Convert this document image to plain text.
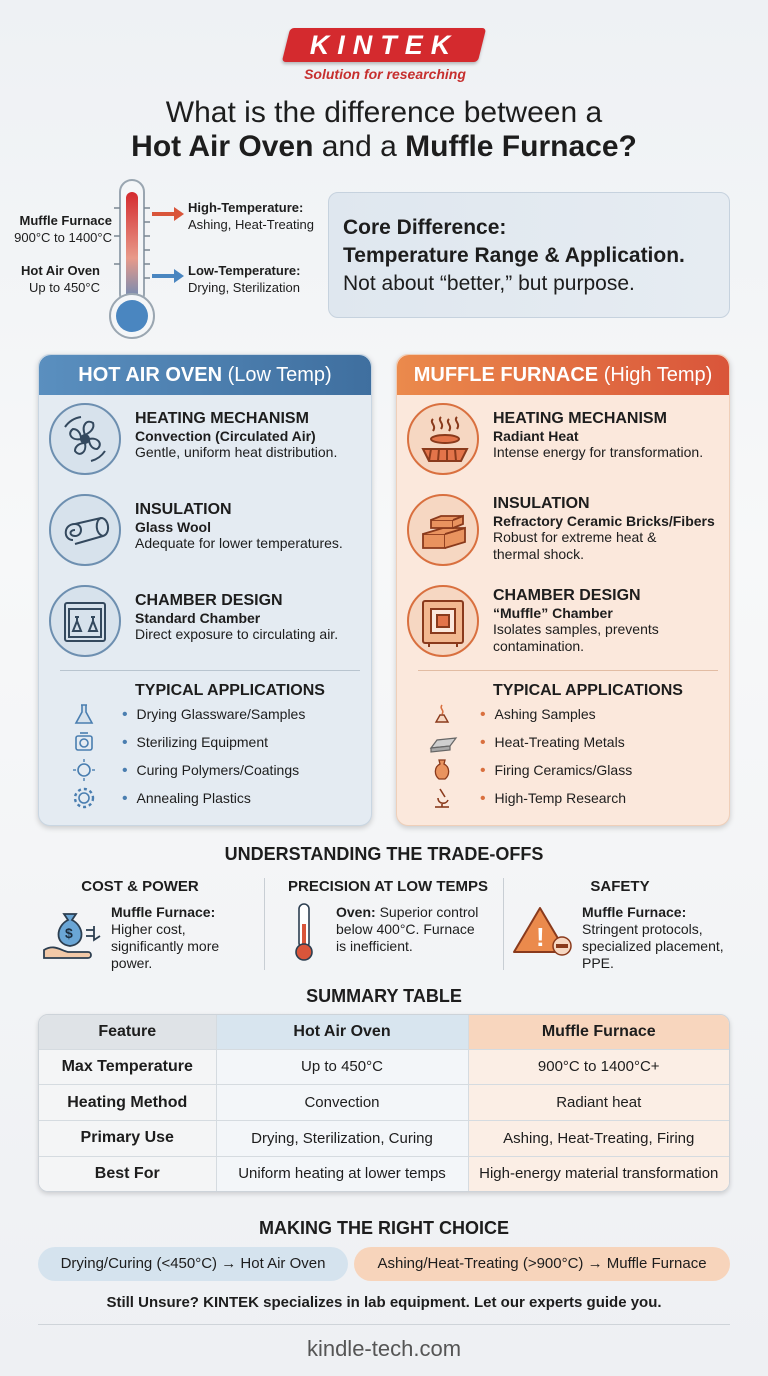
KINTEK
Solution for researching
What is the difference between a
Hot Air Oven and a Muffle Furnace?
Muffle Furnace
900°C to 1400°C
Hot Air Oven
Up to 450°C
High-Temperature:
Ashing, Heat-Treating
Low-Temperature:
Drying, Sterilization
Core Difference:
Temperature Range & Application.
Not about “better,” but purpose.
HOT AIR OVEN (Low Temp)
HEATING MECHANISM
Convection (Circulated Air)
Gentle, uniform heat distribution.
INSULATION
Glass Wool
Adequate for lower temperatures.
CHAMBER DESIGN
Standard Chamber
Direct exposure to circulating air.
TYPICAL APPLICATIONS
• Drying Glassware/Samples
• Sterilizing Equipment
• Curing Polymers/Coatings
• Annealing Plastics
MUFFLE FURNACE (High Temp)
HEATING MECHANISM
Radiant Heat
Intense energy for transformation.
INSULATION
Refractory Ceramic Bricks/Fibers
Robust for extreme heat &
thermal shock.
CHAMBER DESIGN
“Muffle” Chamber
Isolates samples, prevents
contamination.
TYPICAL APPLICATIONS
• Ashing Samples
• Heat-Treating Metals
• Firing Ceramics/Glass
• High-Temp Research
UNDERSTANDING THE TRADE-OFFS
COST & POWER
$
Muffle Furnace:
Higher cost,
significantly more
power.
PRECISION AT LOW TEMPS
Oven: Superior control
below 400°C. Furnace
is inefficient.
SAFETY
!
Muffle Furnace:
Stringent protocols,
specialized placement,
PPE.
SUMMARY TABLE
Feature	Hot Air Oven	Muffle Furnace
Max Temperature	Up to 450°C	900°C to 1400°C+
Heating Method	Convection	Radiant heat
Primary Use	Drying, Sterilization, Curing	Ashing, Heat-Treating, Firing
Best For	Uniform heating at lower temps	High-energy material transformation
MAKING THE RIGHT CHOICE
Drying/Curing (<450°C) → Hot Air Oven	Ashing/Heat-Treating (>900°C) → Muffle Furnace
Still Unsure? KINTEK specializes in lab equipment. Let our experts guide you.
kindle-tech.com
